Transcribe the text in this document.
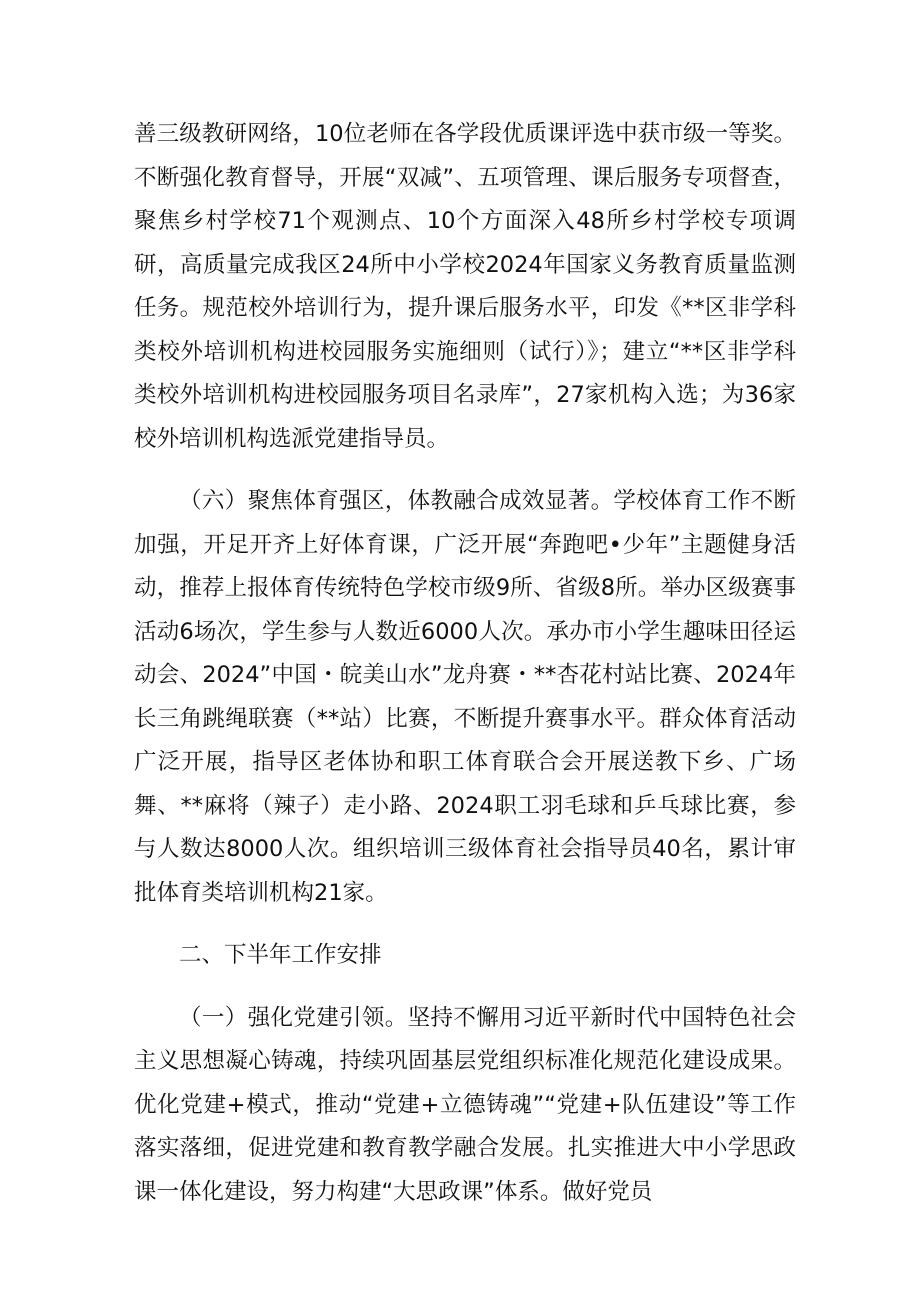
善三级教研网络，10位老师在各学段优质课评选中获市级一等奖。不断强化教育督导，开展“双减”、五项管理、课后服务专项督查，聚焦乡村学校71个观测点、10个方面深入48所乡村学校专项调研，高质量完成我区24所中小学校2024年国家义务教育质量监测任务。规范校外培训行为，提升课后服务水平，印发《**区非学科类校外培训机构进校园服务实施细则（试行）》；建立“**区非学科类校外培训机构进校园服务项目名录库”，27家机构入选；为36家校外培训机构选派党建指导员。

（六）聚焦体育强区，体教融合成效显著。学校体育工作不断加强，开足开齐上好体育课，广泛开展“奔跑吧•少年”主题健身活动，推荐上报体育传统特色学校市级9所、省级8所。举办区级赛事活动6场次，学生参与人数近6000人次。承办市小学生趣味田径运动会、2024”中国・皖美山水”龙舟赛・**杏花村站比赛、2024年长三角跳绳联赛（**站）比赛，不断提升赛事水平。群众体育活动广泛开展，指导区老体协和职工体育联合会开展送教下乡、广场舞、**麻将（辣子）走小路、2024职工羽毛球和乒乓球比赛，参与人数达8000人次。组织培训三级体育社会指导员40名，累计审批体育类培训机构21家。

二、下半年工作安排

（一）强化党建引领。坚持不懈用习近平新时代中国特色社会主义思想凝心铸魂，持续巩固基层党组织标准化规范化建设成果。优化党建+模式，推动“党建+立德铸魂”“党建+队伍建设”等工作落实落细，促进党建和教育教学融合发展。扎实推进大中小学思政课一体化建设，努力构建“大思政课”体系。做好党员
